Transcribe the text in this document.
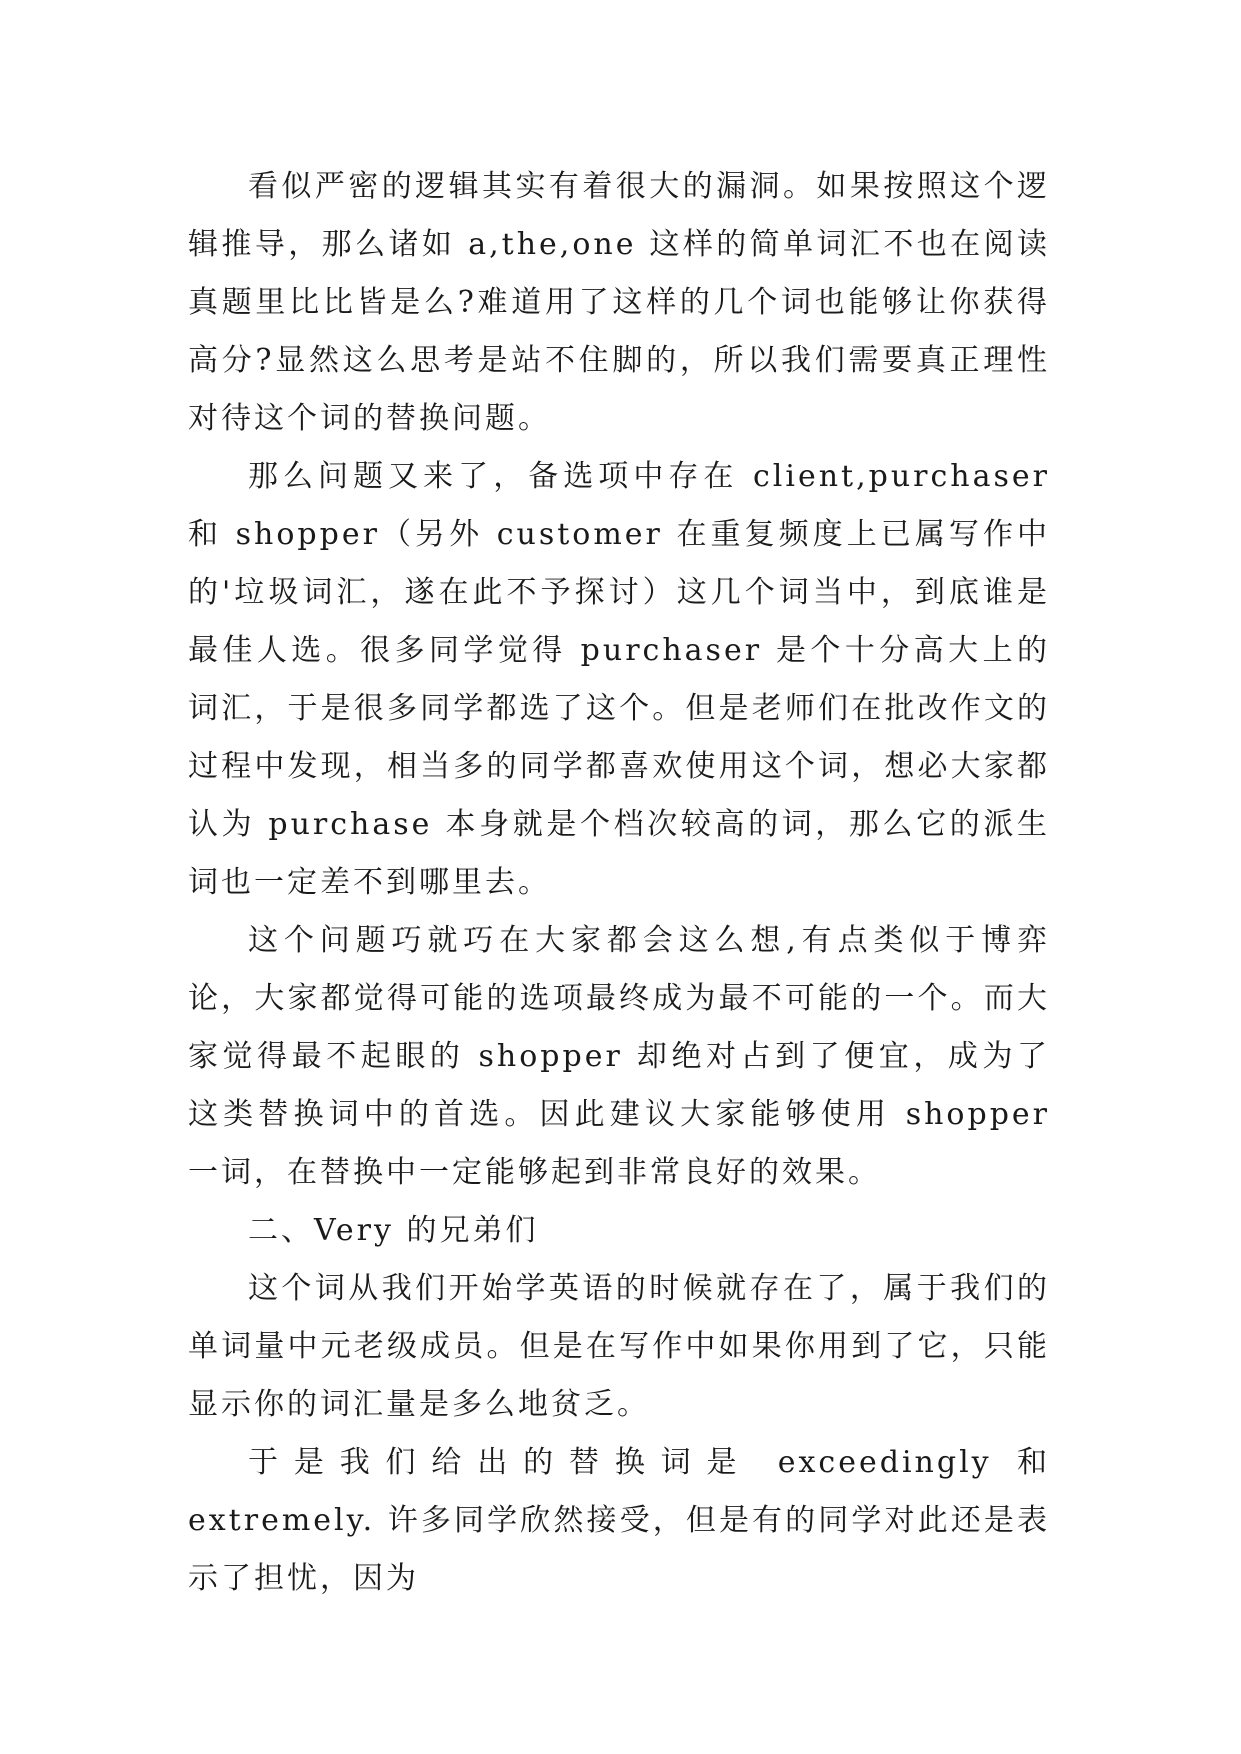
看似严密的逻辑其实有着很大的漏洞。如果按照这个逻辑推导，那么诸如 a,the,one 这样的简单词汇不也在阅读真题里比比皆是么?难道用了这样的几个词也能够让你获得高分?显然这么思考是站不住脚的，所以我们需要真正理性对待这个词的替换问题。

那么问题又来了，备选项中存在 client,purchaser 和 shopper（另外 customer 在重复频度上已属写作中的'垃圾词汇，遂在此不予探讨）这几个词当中，到底谁是最佳人选。很多同学觉得 purchaser 是个十分高大上的词汇，于是很多同学都选了这个。但是老师们在批改作文的过程中发现，相当多的同学都喜欢使用这个词，想必大家都认为 purchase 本身就是个档次较高的词，那么它的派生词也一定差不到哪里去。

这个问题巧就巧在大家都会这么想,有点类似于博弈论，大家都觉得可能的选项最终成为最不可能的一个。而大家觉得最不起眼的 shopper 却绝对占到了便宜，成为了这类替换词中的首选。因此建议大家能够使用 shopper 一词，在替换中一定能够起到非常良好的效果。

二、Very 的兄弟们

这个词从我们开始学英语的时候就存在了，属于我们的单词量中元老级成员。但是在写作中如果你用到了它，只能显示你的词汇量是多么地贫乏。

于是我们给出的替换词是 exceedingly 和 extremely. 许多同学欣然接受，但是有的同学对此还是表示了担忧，因为
